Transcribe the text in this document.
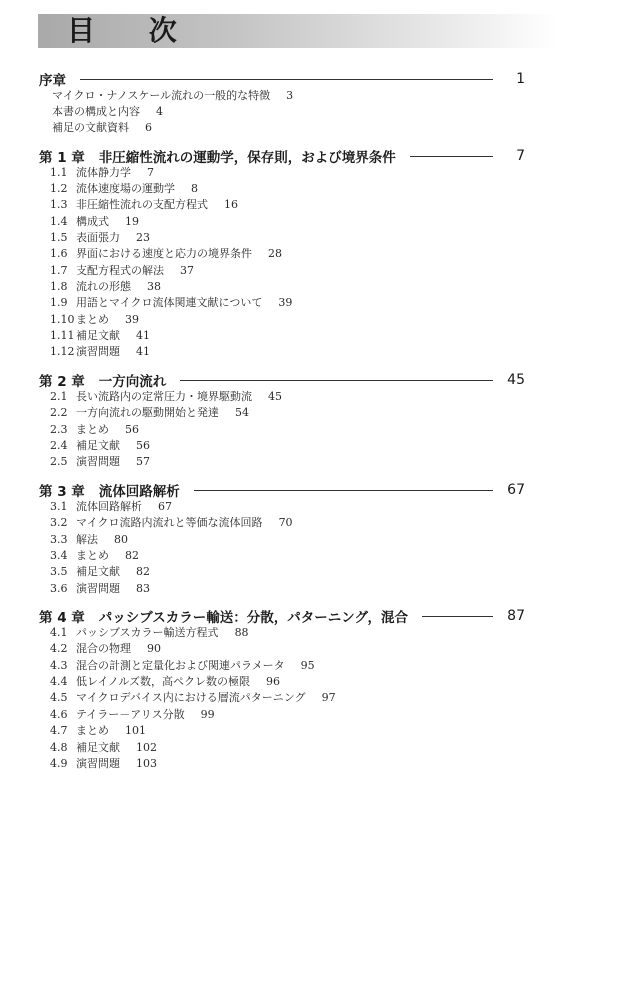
目 次
序章	1
マイクロ・ナノスケール流れの一般的な特徴 3
本書の構成と内容 4
補足の文献資料 6
第 1 章 非圧縮性流れの運動学，保存則，および境界条件	7
1.1 流体静力学 7
1.2 流体速度場の運動学 8
1.3 非圧縮性流れの支配方程式 16
1.4 構成式 19
1.5 表面張力 23
1.6 界面における速度と応力の境界条件 28
1.7 支配方程式の解法 37
1.8 流れの形態 38
1.9 用語とマイクロ流体関連文献について 39
1.10 まとめ 39
1.11 補足文献 41
1.12 演習問題 41
第 2 章 一方向流れ	45
2.1 長い流路内の定常圧力・境界駆動流 45
2.2 一方向流れの駆動開始と発達 54
2.3 まとめ 56
2.4 補足文献 56
2.5 演習問題 57
第 3 章 流体回路解析	67
3.1 流体回路解析 67
3.2 マイクロ流路内流れと等価な流体回路 70
3.3 解法 80
3.4 まとめ 82
3.5 補足文献 82
3.6 演習問題 83
第 4 章 パッシブスカラー輸送：分散，パターニング，混合	87
4.1 パッシブスカラー輸送方程式 88
4.2 混合の物理 90
4.3 混合の計測と定量化および関連パラメータ 95
4.4 低レイノルズ数，高ペクレ数の極限 96
4.5 マイクロデバイス内における層流パターニング 97
4.6 テイラー－アリス分散 99
4.7 まとめ 101
4.8 補足文献 102
4.9 演習問題 103
